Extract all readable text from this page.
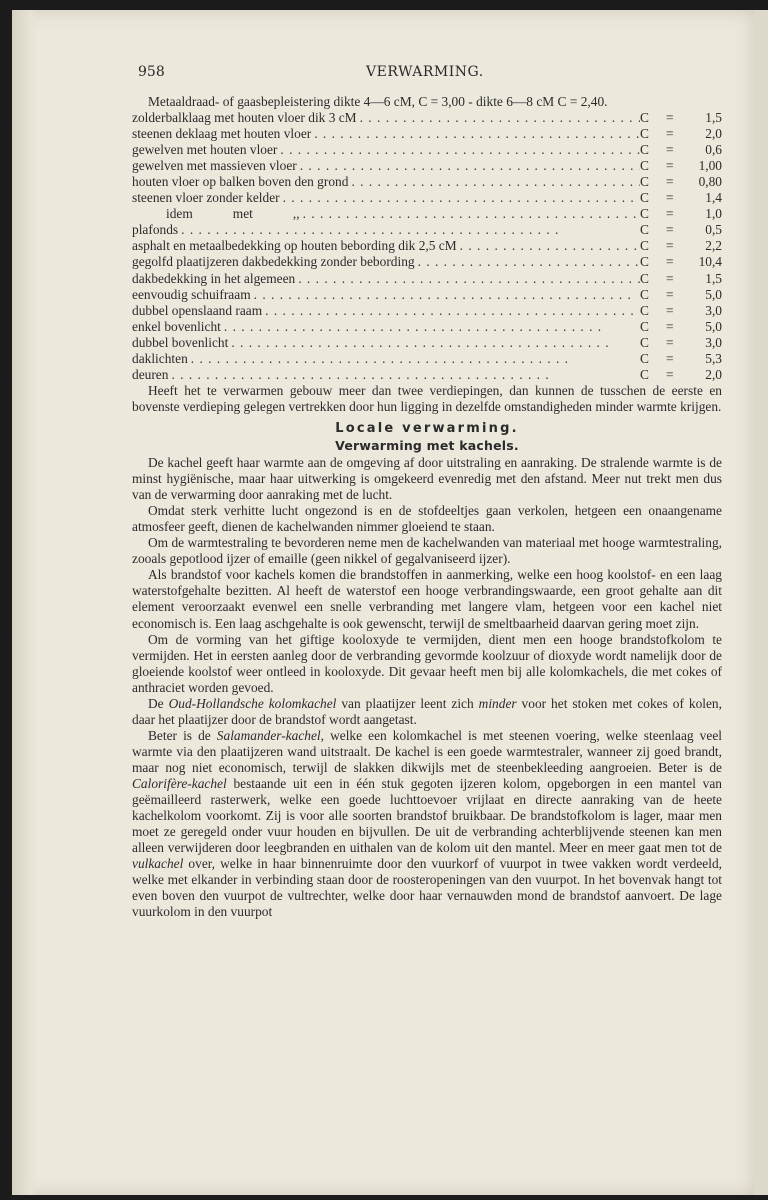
958	VERWARMING.

Metaaldraad- of gaasbepleistering dikte 4—6 cM, C = 3,00 - dikte 6—8 cM C = 2,40.

zolderbalklaag met houten vloer dik 3 cM . . .	C	=	1,5
steenen deklaag met houten vloer . . .	C	=	2,0
gewelven met houten vloer . . .	C	=	0,6
gewelven met massieven vloer . . .	C	=	1,00
houten vloer op balken boven den grond . . .	C	=	0,80
steenen vloer zonder kelder . . .	C	=	1,4
idem	met	,, . . .	C	=	1,0
plafonds . . .	C	=	0,5
asphalt en metaalbedekking op houten bebording dik 2,5 cM . . .	C	=	2,2
gegolfd plaatijzeren dakbedekking zonder bebording . . .	C	=	10,4
dakbedekking in het algemeen . . .	C	=	1,5
eenvoudig schuifraam . . .	C	=	5,0
dubbel openslaand raam . . .	C	=	3,0
enkel bovenlicht . . .	C	=	5,0
dubbel bovenlicht . . .	C	=	3,0
daklichten . . .	C	=	5,3
deuren . . .	C	=	2,0

Heeft het te verwarmen gebouw meer dan twee verdiepingen, dan kunnen de tusschen de eerste en bovenste verdieping gelegen vertrekken door hun ligging in dezelfde omstandigheden minder warmte krijgen.

Locale verwarming.
Verwarming met kachels.

De kachel geeft haar warmte aan de omgeving af door uitstraling en aanraking. De stralende warmte is de minst hygiënische, maar haar uitwerking is omgekeerd evenredig met den afstand. Meer nut trekt men dus van de verwarming door aanraking met de lucht.

Omdat sterk verhitte lucht ongezond is en de stofdeeltjes gaan verkolen, hetgeen een onaangename atmosfeer geeft, dienen de kachelwanden nimmer gloeiend te staan.

Om de warmtestraling te bevorderen neme men de kachelwanden van materiaal met hooge warmtestraling, zooals gepotlood ijzer of emaille (geen nikkel of gegalvaniseerd ijzer).

Als brandstof voor kachels komen die brandstoffen in aanmerking, welke een hoog koolstof- en een laag waterstofgehalte bezitten. Al heeft de waterstof een hooge verbrandingswaarde, een groot gehalte aan dit element veroorzaakt evenwel een snelle verbranding met langere vlam, hetgeen voor een kachel niet economisch is. Een laag aschgehalte is ook gewenscht, terwijl de smeltbaarheid daarvan gering moet zijn.

Om de vorming van het giftige kooloxyde te vermijden, dient men een hooge brandstofkolom te vermijden. Het in eersten aanleg door de verbranding gevormde koolzuur of dioxyde wordt namelijk door de gloeiende koolstof weer ontleed in kooloxyde. Dit gevaar heeft men bij alle kolomkachels, die met cokes of anthraciet worden gevoed.

De Oud-Hollandsche kolomkachel van plaatijzer leent zich minder voor het stoken met cokes of kolen, daar het plaatijzer door de brandstof wordt aangetast.

Beter is de Salamander-kachel, welke een kolomkachel is met steenen voering, welke steenlaag veel warmte via den plaatijzeren wand uitstraalt. De kachel is een goede warmtestraler, wanneer zij goed brandt, maar nog niet economisch, terwijl de slakken dikwijls met de steenbekleeding aangroeien. Beter is de Calorifère-kachel bestaande uit een in één stuk gegoten ijzeren kolom, opgeborgen in een mantel van geëmailleerd rasterwerk, welke een goede luchttoevoer vrijlaat en directe aanraking van de heete kachelkolom voorkomt. Zij is voor alle soorten brandstof bruikbaar. De brandstofkolom is lager, maar men moet ze geregeld onder vuur houden en bijvullen. De uit de verbranding achterblijvende steenen kan men alleen verwijderen door leegbranden en uithalen van de kolom uit den mantel. Meer en meer gaat men tot de vulkachel over, welke in haar binnenruimte door den vuurkorf of vuurpot in twee vakken wordt verdeeld, welke met elkander in verbinding staan door de roosteropeningen van den vuurpot. In het bovenvak hangt tot even boven den vuurpot de vultrechter, welke door haar vernauwden mond de brandstof aanvoert. De lage vuurkolom in den vuurpot
